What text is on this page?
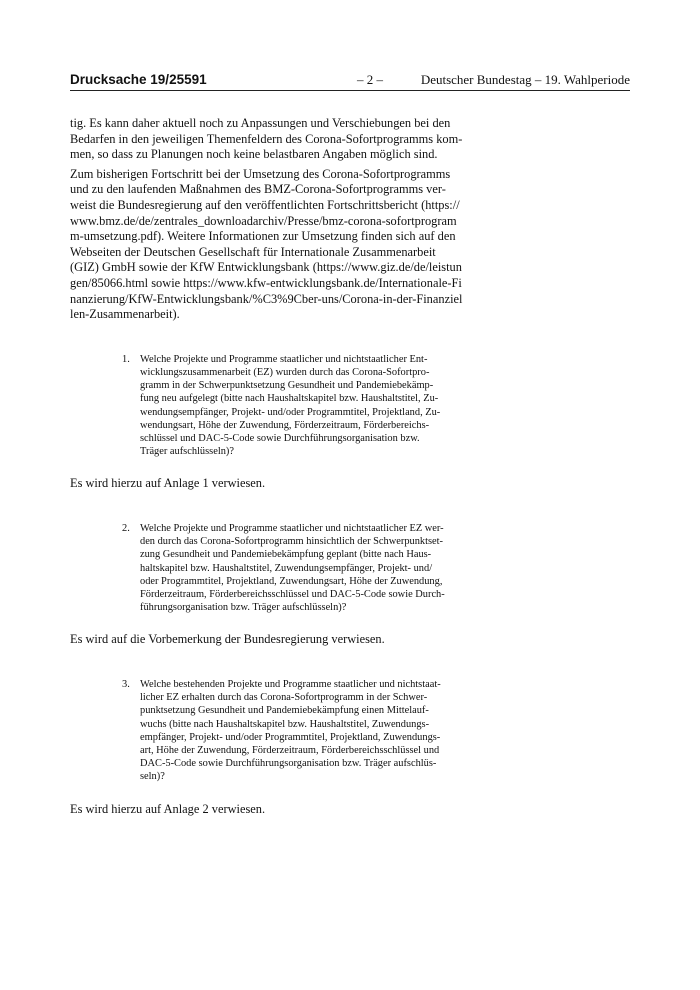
Drucksache 19/25591	– 2 –	Deutscher Bundestag – 19. Wahlperiode

tig. Es kann daher aktuell noch zu Anpassungen und Verschiebungen bei den
Bedarfen in den jeweiligen Themenfeldern des Corona-Sofortprogramms kom-
men, so dass zu Planungen noch keine belastbaren Angaben möglich sind.

Zum bisherigen Fortschritt bei der Umsetzung des Corona-Sofortprogramms
und zu den laufenden Maßnahmen des BMZ-Corona-Sofortprogramms ver-
weist die Bundesregierung auf den veröffentlichten Fortschrittsbericht (https://
www.bmz.de/de/zentrales_downloadarchiv/Presse/bmz-corona-sofortprogram
m-umsetzung.pdf). Weitere Informationen zur Umsetzung finden sich auf den
Webseiten der Deutschen Gesellschaft für Internationale Zusammenarbeit
(GIZ) GmbH sowie der KfW Entwicklungsbank (https://www.giz.de/de/leistun
gen/85066.html sowie https://www.kfw-entwicklungsbank.de/Internationale-Fi
nanzierung/KfW-Entwicklungsbank/%C3%9Cber-uns/Corona-in-der-Finanziel
len-Zusammenarbeit).

1. Welche Projekte und Programme staatlicher und nichtstaatlicher Ent-
wicklungszusammenarbeit (EZ) wurden durch das Corona-Sofortpro-
gramm in der Schwerpunktsetzung Gesundheit und Pandemiebekämp-
fung neu aufgelegt (bitte nach Haushaltskapitel bzw. Haushaltstitel, Zu-
wendungsempfänger, Projekt- und/oder Programmtitel, Projektland, Zu-
wendungsart, Höhe der Zuwendung, Förderzeitraum, Förderbereichs-
schlüssel und DAC-5-Code sowie Durchführungsorganisation bzw.
Träger aufschlüsseln)?

Es wird hierzu auf Anlage 1 verwiesen.

2. Welche Projekte und Programme staatlicher und nichtstaatlicher EZ wer-
den durch das Corona-Sofortprogramm hinsichtlich der Schwerpunktset-
zung Gesundheit und Pandemiebekämpfung geplant (bitte nach Haus-
haltskapitel bzw. Haushaltstitel, Zuwendungsempfänger, Projekt- und/
oder Programmtitel, Projektland, Zuwendungsart, Höhe der Zuwendung,
Förderzeitraum, Förderbereichsschlüssel und DAC-5-Code sowie Durch-
führungsorganisation bzw. Träger aufschlüsseln)?

Es wird auf die Vorbemerkung der Bundesregierung verwiesen.

3. Welche bestehenden Projekte und Programme staatlicher und nichtstaat-
licher EZ erhalten durch das Corona-Sofortprogramm in der Schwer-
punktsetzung Gesundheit und Pandemiebekämpfung einen Mittelauf-
wuchs (bitte nach Haushaltskapitel bzw. Haushaltstitel, Zuwendungs-
empfänger, Projekt- und/oder Programmtitel, Projektland, Zuwendungs-
art, Höhe der Zuwendung, Förderzeitraum, Förderbereichsschlüssel und
DAC-5-Code sowie Durchführungsorganisation bzw. Träger aufschlüs-
seln)?

Es wird hierzu auf Anlage 2 verwiesen.
